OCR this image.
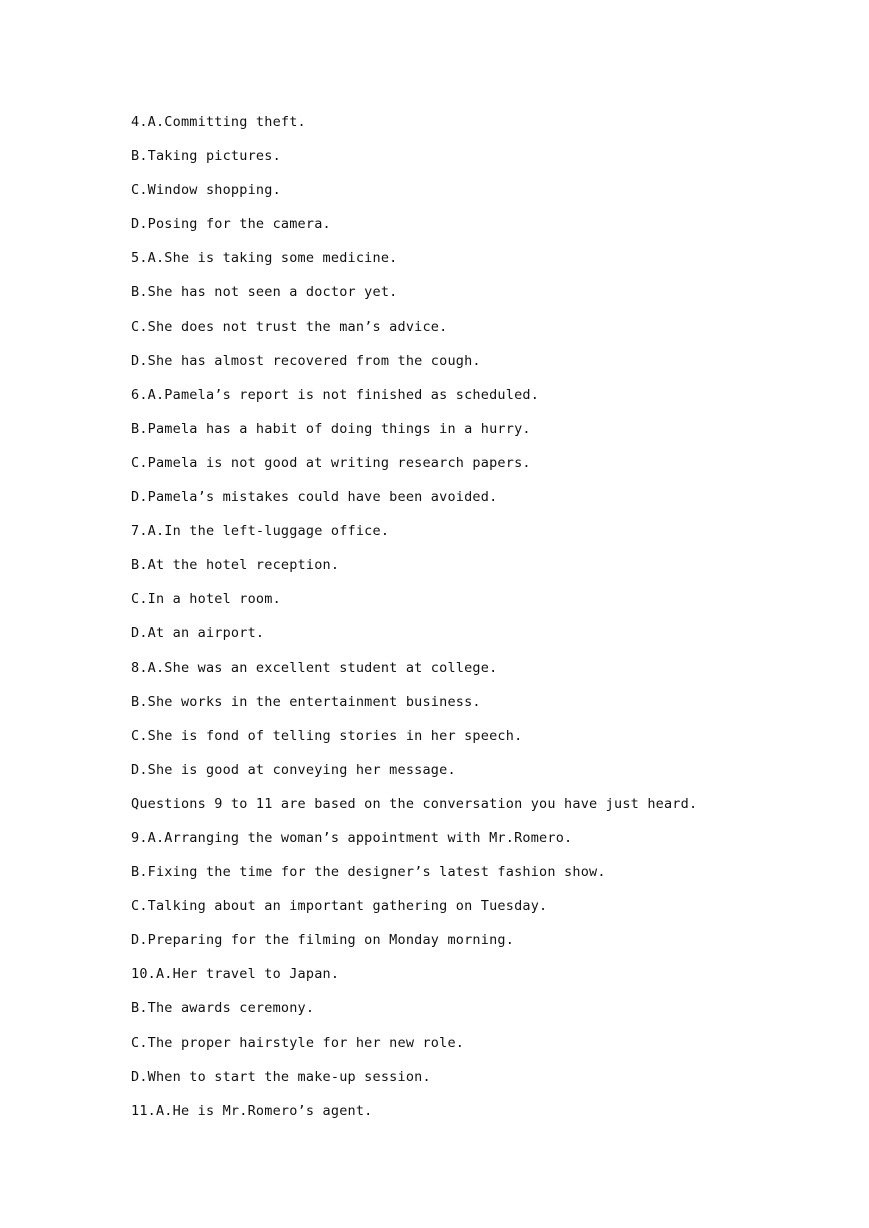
4.A.Committing theft.
B.Taking pictures.
C.Window shopping.
D.Posing for the camera.
5.A.She is taking some medicine.
B.She has not seen a doctor yet.
C.She does not trust the man’s advice.
D.She has almost recovered from the cough.
6.A.Pamela’s report is not finished as scheduled.
B.Pamela has a habit of doing things in a hurry.
C.Pamela is not good at writing research papers.
D.Pamela’s mistakes could have been avoided.
7.A.In the left-luggage office.
B.At the hotel reception.
C.In a hotel room.
D.At an airport.
8.A.She was an excellent student at college.
B.She works in the entertainment business.
C.She is fond of telling stories in her speech.
D.She is good at conveying her message.
Questions 9 to 11 are based on the conversation you have just heard.
9.A.Arranging the woman’s appointment with Mr.Romero.
B.Fixing the time for the designer’s latest fashion show.
C.Talking about an important gathering on Tuesday.
D.Preparing for the filming on Monday morning.
10.A.Her travel to Japan.
B.The awards ceremony.
C.The proper hairstyle for her new role.
D.When to start the make-up session.
11.A.He is Mr.Romero’s agent.
